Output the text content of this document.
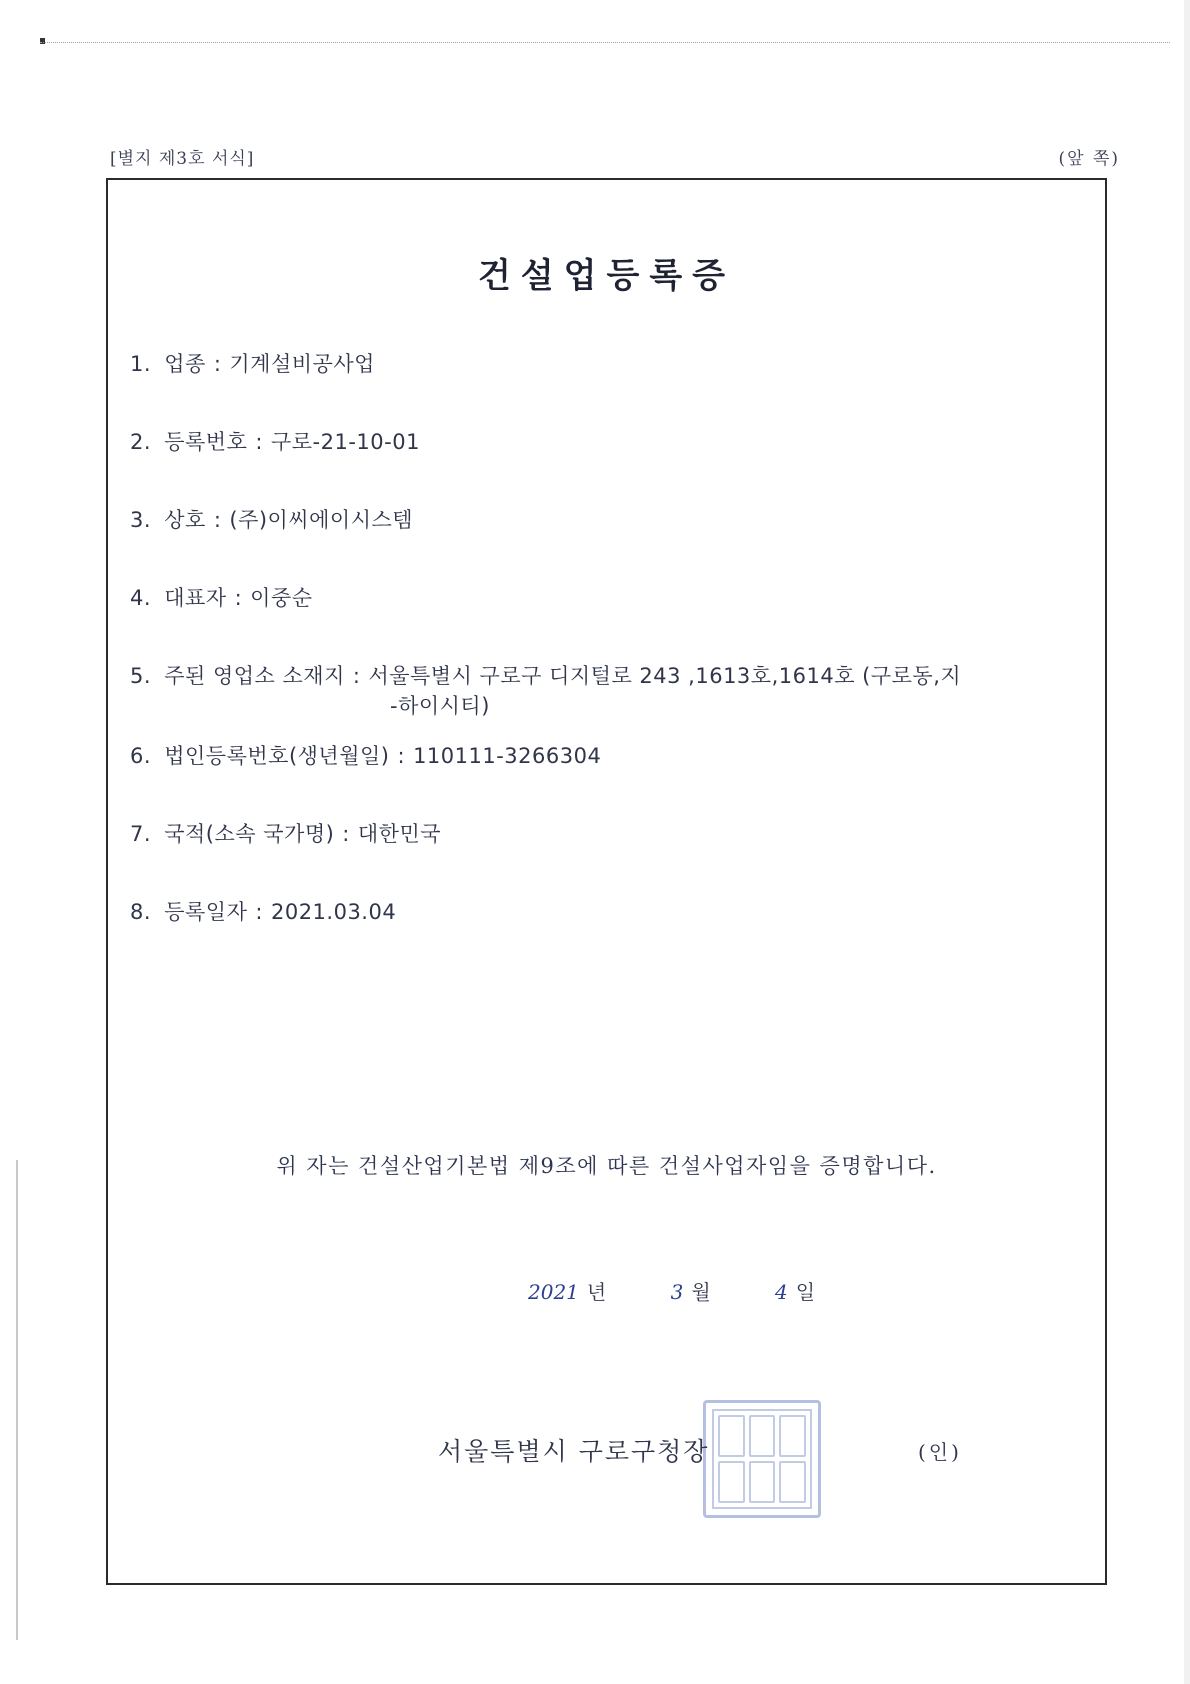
[별지 제3호 서식]	(앞 쪽)
건설업등록증
1. 업종 : 기계설비공사업
2. 등록번호 : 구로-21-10-01
3. 상호 : (주)이씨에이시스템
4. 대표자 : 이중순
5. 주된 영업소 소재지 : 서울특별시 구로구 디지털로 243 ,1613호,1614호 (구로동,지
-하이시티)
6. 법인등록번호(생년월일) : 110111-3266304
7. 국적(소속 국가명) : 대한민국
8. 등록일자 : 2021.03.04
위 자는 건설산업기본법 제9조에 따른 건설사업자임을 증명합니다.
2021 년	3 월	4 일
서울특별시 구로구청장	(인)
